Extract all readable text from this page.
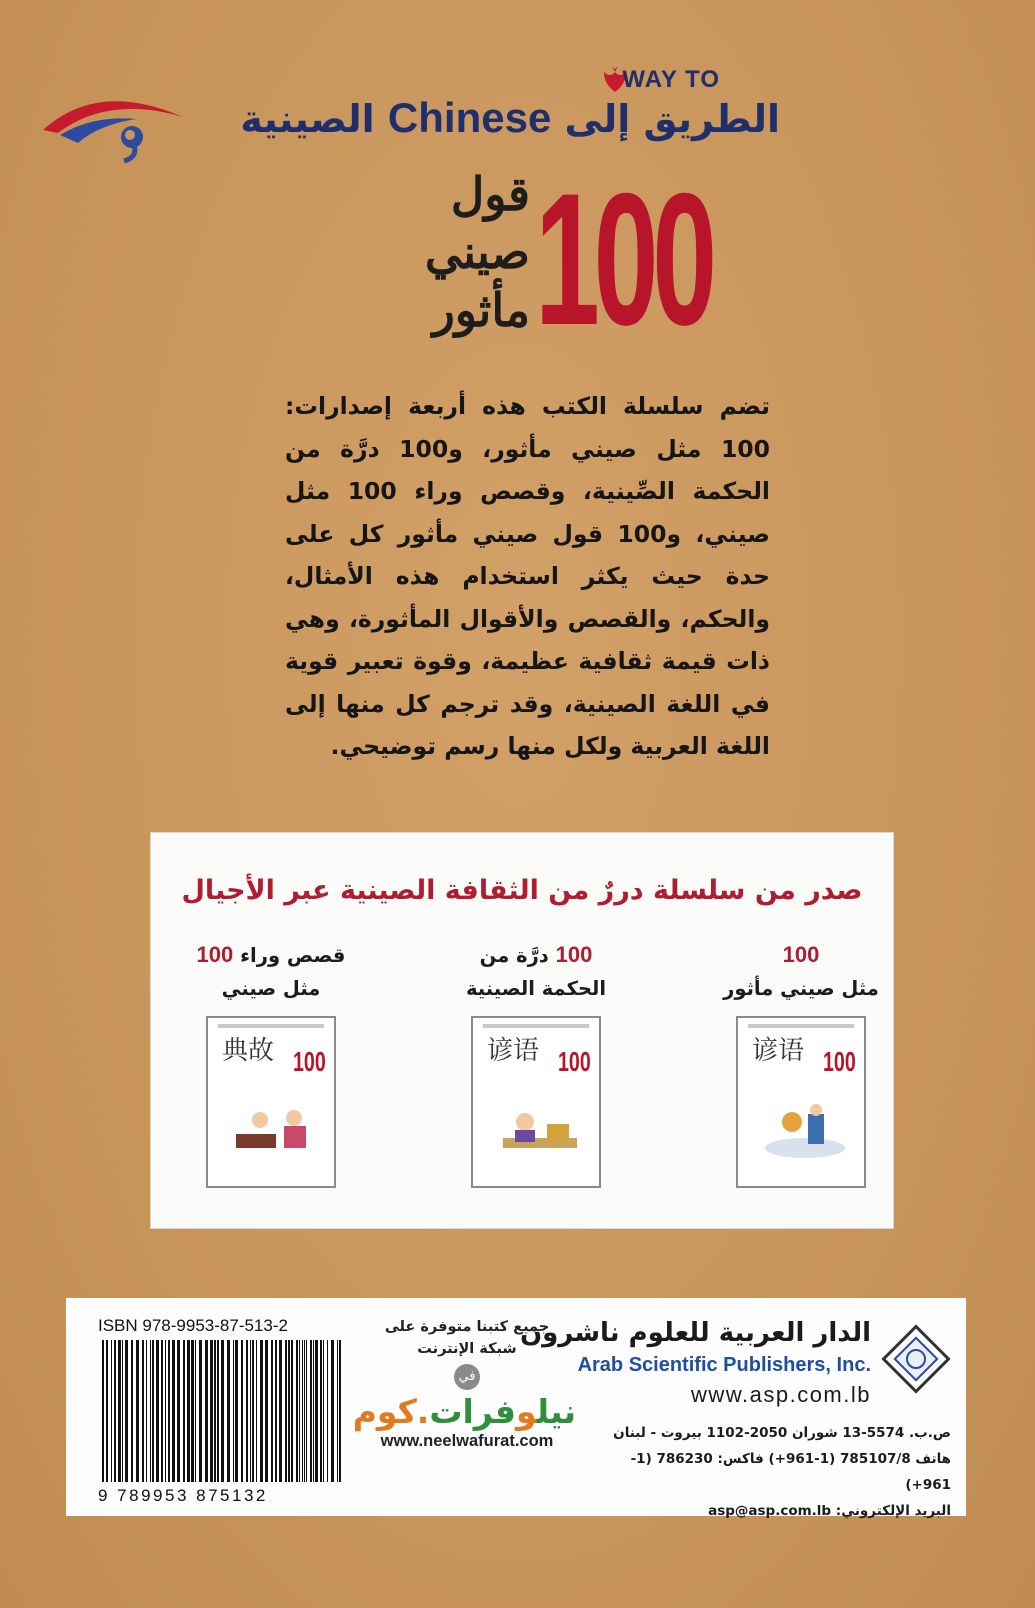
WAY TO
الصينية Chinese الطريق إلى
100
قول
صيني
مأثور
تضم سلسلة الكتب هذه أربعة إصدارات: 100 مثل صيني مأثور، و100 درَّة من الحكمة الصِّينية، وقصص وراء 100 مثل صيني، و100 قول صيني مأثور كل على حدة حيث يكثر استخدام هذه الأمثال، والحكم، والقصص والأقوال المأثورة، وهي ذات قيمة ثقافية عظيمة، وقوة تعبير قوية في اللغة الصينية، وقد ترجم كل منها إلى اللغة العربية ولكل منها رسم توضيحي.
صدر من سلسلة دررٌ من الثقافة الصينية عبر الأجيال
100
مثل صيني مأثور
谚语 100
100 درَّة من
الحكمة الصينية
谚语 100
قصص وراء 100
مثل صيني
典故 100
ISBN 978-9953-87-513-2
9 789953 875132
جميع كتبنا متوفرة على
شبكة الإنترنت
في
نيلوفرات.كوم
www.neelwafurat.com
الدار العربية للعلوم ناشرون
Arab Scientific Publishers, Inc.
www.asp.com.lb
ص.ب. 5574-13 شوران 2050-1102 بيروت - لبنان
هاتف 785107/8 (1-961+) فاكس: 786230 (1-961+)
البريد الإلكتروني: asp@asp.com.lb
